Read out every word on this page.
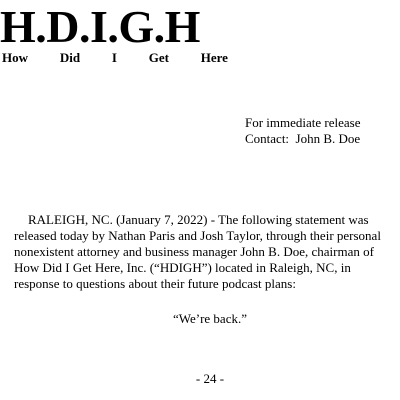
H.D.I.G.H
How Did I Get Here
For immediate release
Contact:  John B. Doe

RALEIGH, NC. (January 7, 2022) - The following statement was released today by Nathan Paris and Josh Taylor, through their personal nonexistent attorney and business manager John B. Doe, chairman of How Did I Get Here, Inc. (“HDIGH”) located in Raleigh, NC, in response to questions about their future podcast plans:

“We’re back.”
- 24 -
